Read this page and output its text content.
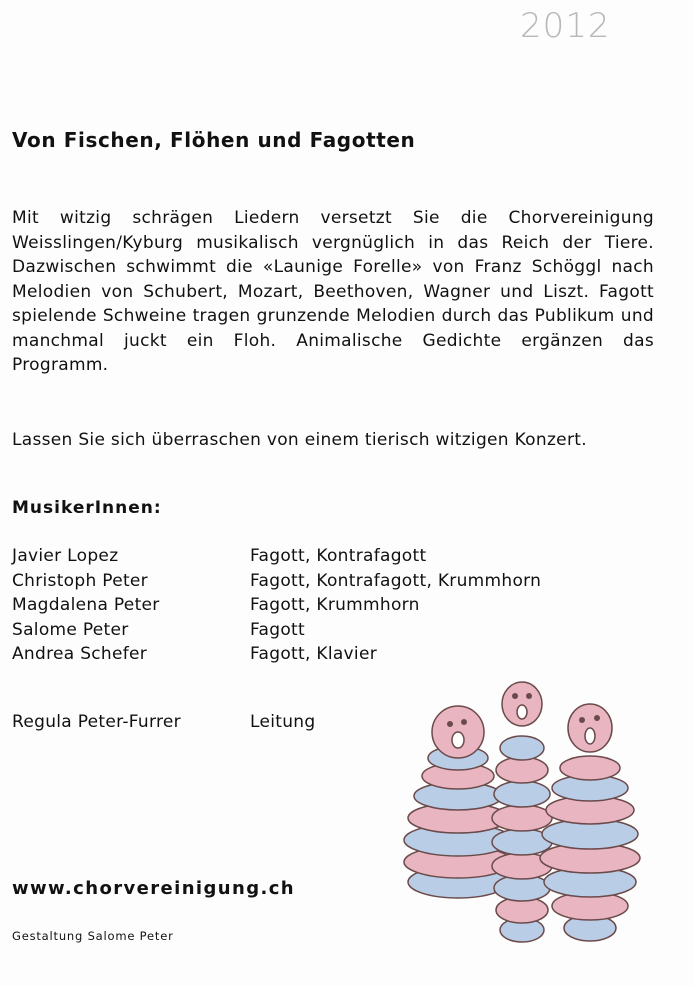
2012
Von Fischen, Flöhen und Fagotten
Mit witzig schrägen Liedern versetzt Sie die Chorvereinigung Weisslingen/Kyburg musikalisch vergnüglich in das Reich der Tiere. Dazwischen schwimmt die «Launige Forelle» von Franz Schöggl nach Melodien von Schubert, Mozart, Beethoven, Wagner und Liszt. Fagott spielende Schweine tragen grunzende Melodien durch das Publikum und manchmal juckt ein Floh. Animalische Gedichte ergänzen das Programm.
Lassen Sie sich überraschen von einem tierisch witzigen Konzert.
MusikerInnen:
Javier Lopez	Fagott, Kontrafagott
Christoph Peter	Fagott, Kontrafagott, Krummhorn
Magdalena Peter	Fagott, Krummhorn
Salome Peter	Fagott
Andrea Schefer	Fagott, Klavier
Regula Peter-Furrer	Leitung
www.chorvereinigung.ch
Gestaltung Salome Peter
